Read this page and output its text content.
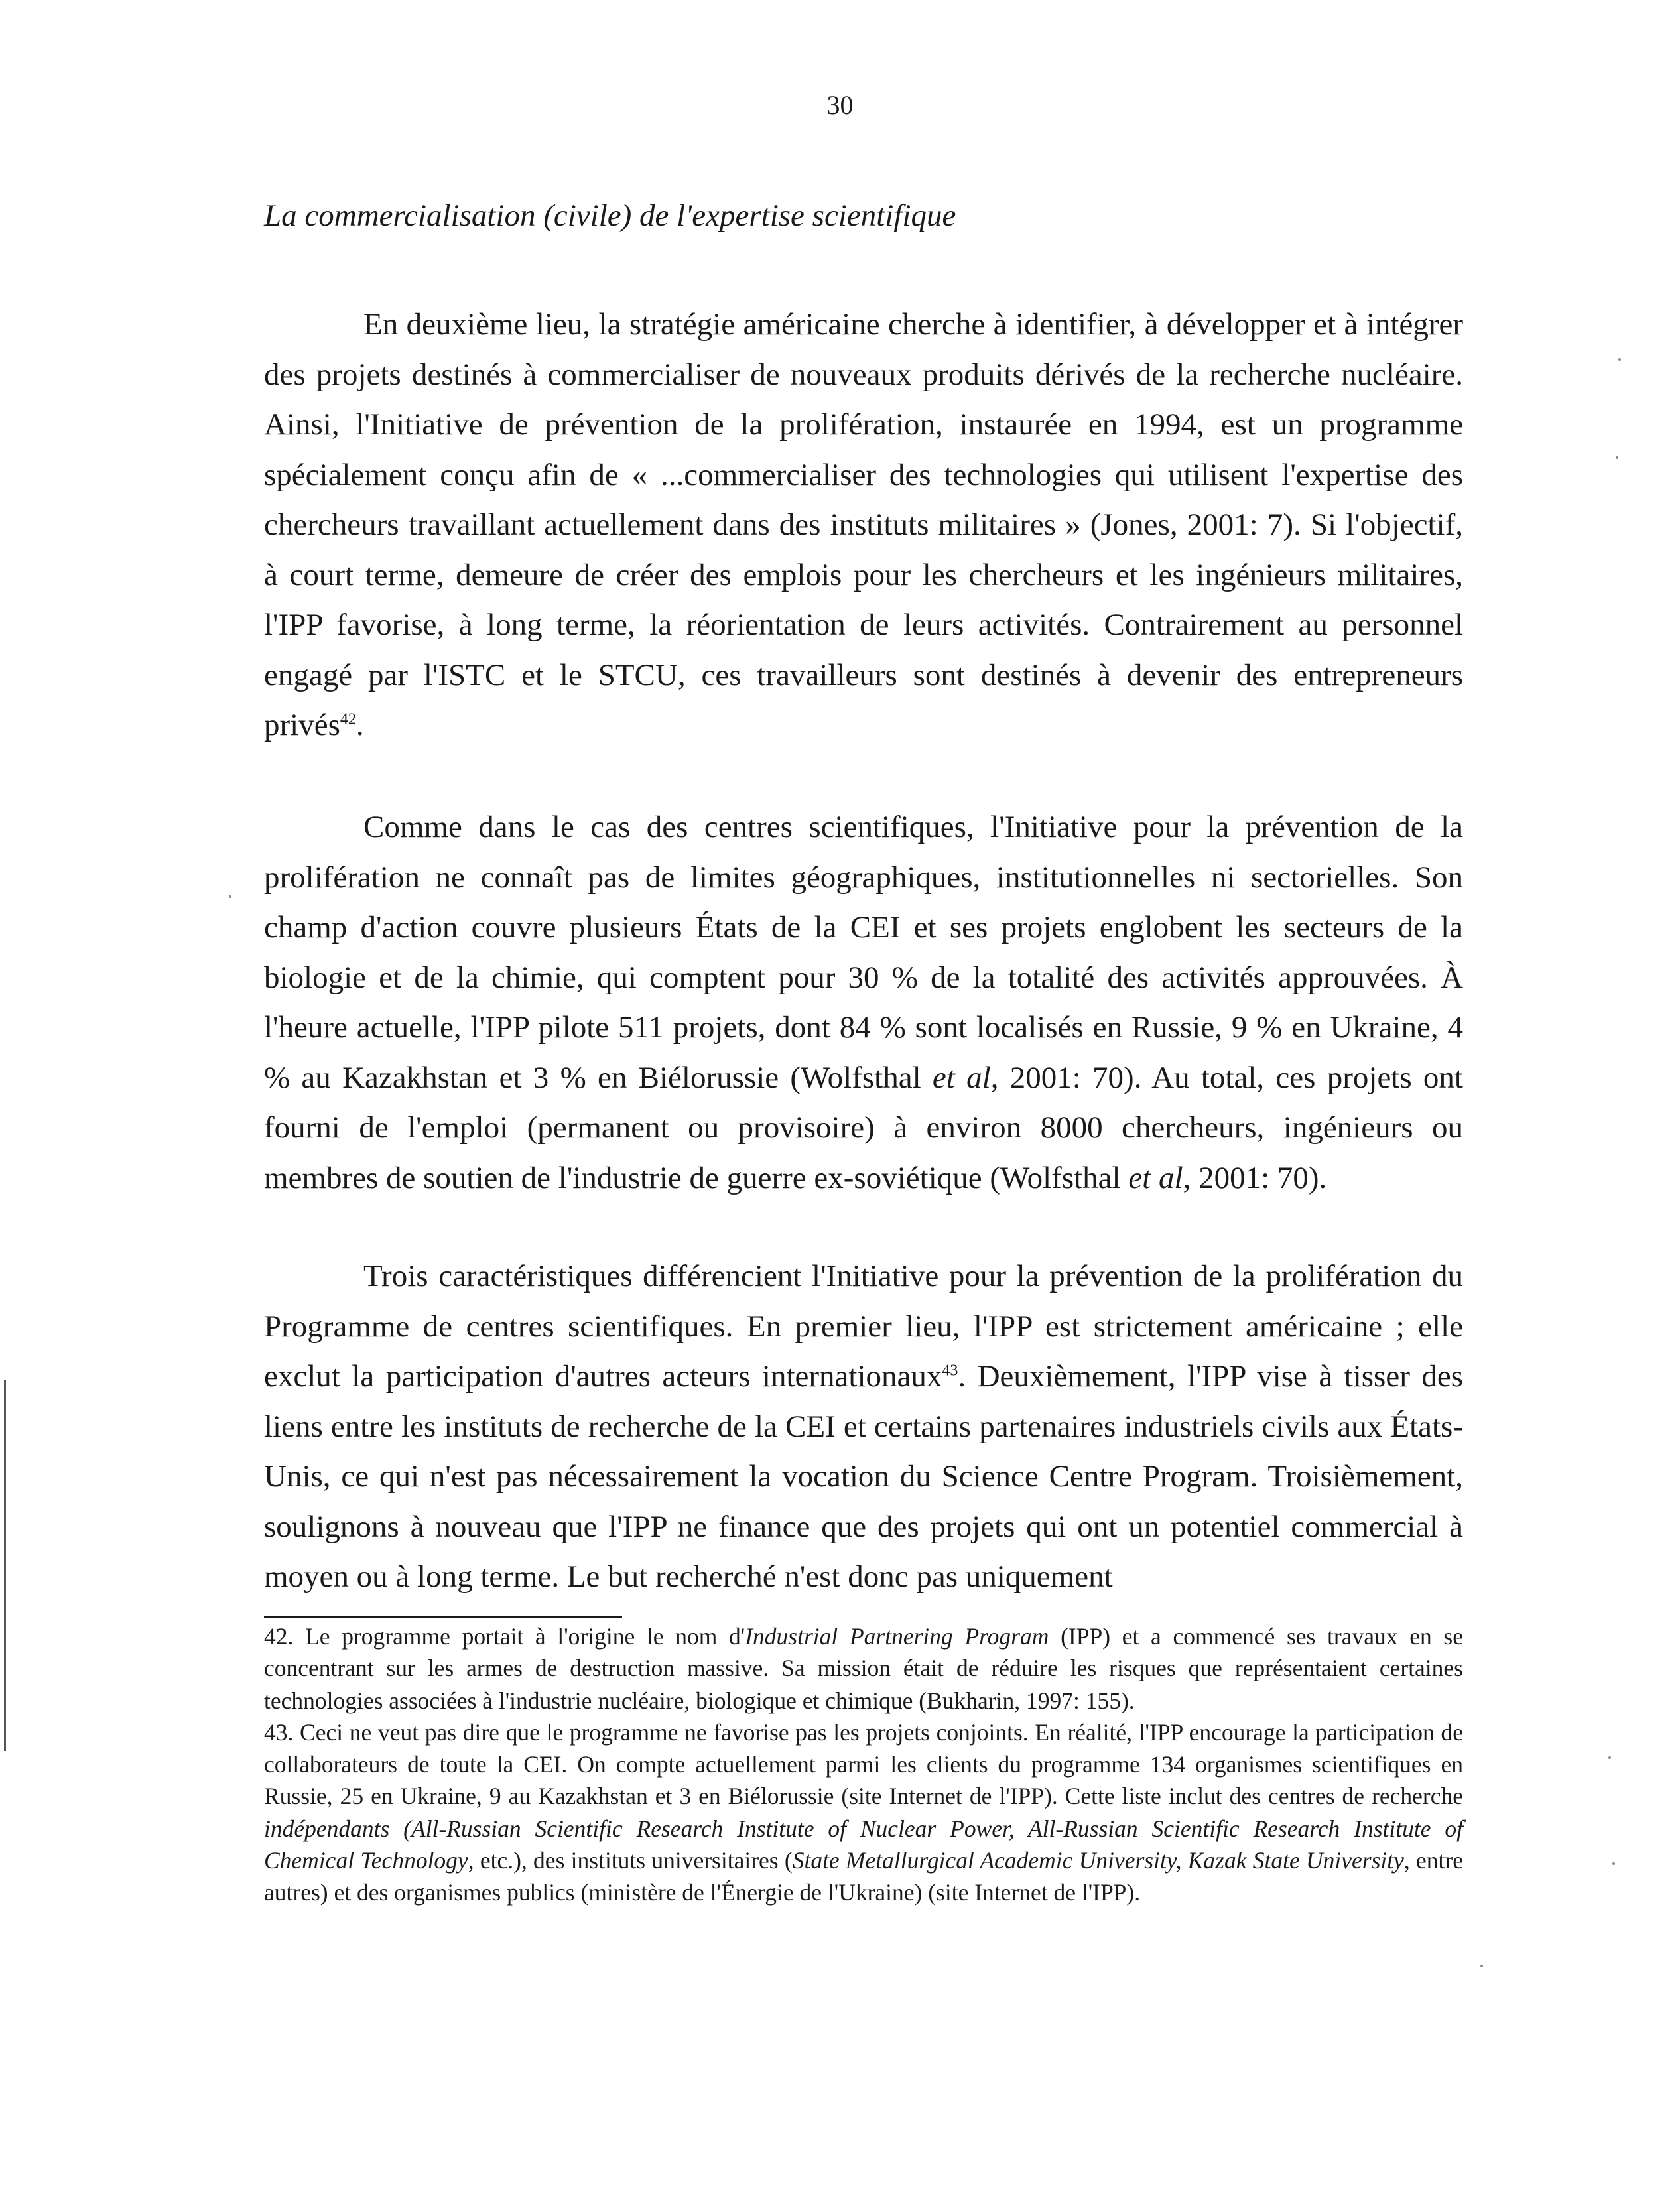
30
La commercialisation (civile) de l'expertise scientifique

En deuxième lieu, la stratégie américaine cherche à identifier, à développer et à intégrer des projets destinés à commercialiser de nouveaux produits dérivés de la recherche nucléaire. Ainsi, l'Initiative de prévention de la prolifération, instaurée en 1994, est un programme spécialement conçu afin de « ...commercialiser des technologies qui utilisent l'expertise des chercheurs travaillant actuellement dans des instituts militaires » (Jones, 2001: 7). Si l'objectif, à court terme, demeure de créer des emplois pour les chercheurs et les ingénieurs militaires, l'IPP favorise, à long terme, la réorientation de leurs activités. Contrairement au personnel engagé par l'ISTC et le STCU, ces travailleurs sont destinés à devenir des entrepreneurs privés$^{42}$.

Comme dans le cas des centres scientifiques, l'Initiative pour la prévention de la prolifération ne connaît pas de limites géographiques, institutionnelles ni sectorielles. Son champ d'action couvre plusieurs États de la CEI et ses projets englobent les secteurs de la biologie et de la chimie, qui comptent pour 30 % de la totalité des activités approuvées. À l'heure actuelle, l'IPP pilote 511 projets, dont 84 % sont localisés en Russie, 9 % en Ukraine, 4 % au Kazakhstan et 3 % en Biélorussie (Wolfsthal et al, 2001: 70). Au total, ces projets ont fourni de l'emploi (permanent ou provisoire) à environ 8000 chercheurs, ingénieurs ou membres de soutien de l'industrie de guerre ex-soviétique (Wolfsthal et al, 2001: 70).

Trois caractéristiques différencient l'Initiative pour la prévention de la prolifération du Programme de centres scientifiques. En premier lieu, l'IPP est strictement américaine ; elle exclut la participation d'autres acteurs internationaux$^{43}$. Deuxièmement, l'IPP vise à tisser des liens entre les instituts de recherche de la CEI et certains partenaires industriels civils aux États-Unis, ce qui n'est pas nécessairement la vocation du Science Centre Program. Troisièmement, soulignons à nouveau que l'IPP ne finance que des projets qui ont un potentiel commercial à moyen ou à long terme. Le but recherché n'est donc pas uniquement

42. Le programme portait à l'origine le nom d'Industrial Partnering Program (IPP) et a commencé ses travaux en se concentrant sur les armes de destruction massive. Sa mission était de réduire les risques que représentaient certaines technologies associées à l'industrie nucléaire, biologique et chimique (Bukharin, 1997: 155).

43. Ceci ne veut pas dire que le programme ne favorise pas les projets conjoints. En réalité, l'IPP encourage la participation de collaborateurs de toute la CEI. On compte actuellement parmi les clients du programme 134 organismes scientifiques en Russie, 25 en Ukraine, 9 au Kazakhstan et 3 en Biélorussie (site Internet de l'IPP). Cette liste inclut des centres de recherche indépendants (All-Russian Scientific Research Institute of Nuclear Power, All-Russian Scientific Research Institute of Chemical Technology, etc.), des instituts universitaires (State Metallurgical Academic University, Kazak State University, entre autres) et des organismes publics (ministère de l'Énergie de l'Ukraine) (site Internet de l'IPP).
